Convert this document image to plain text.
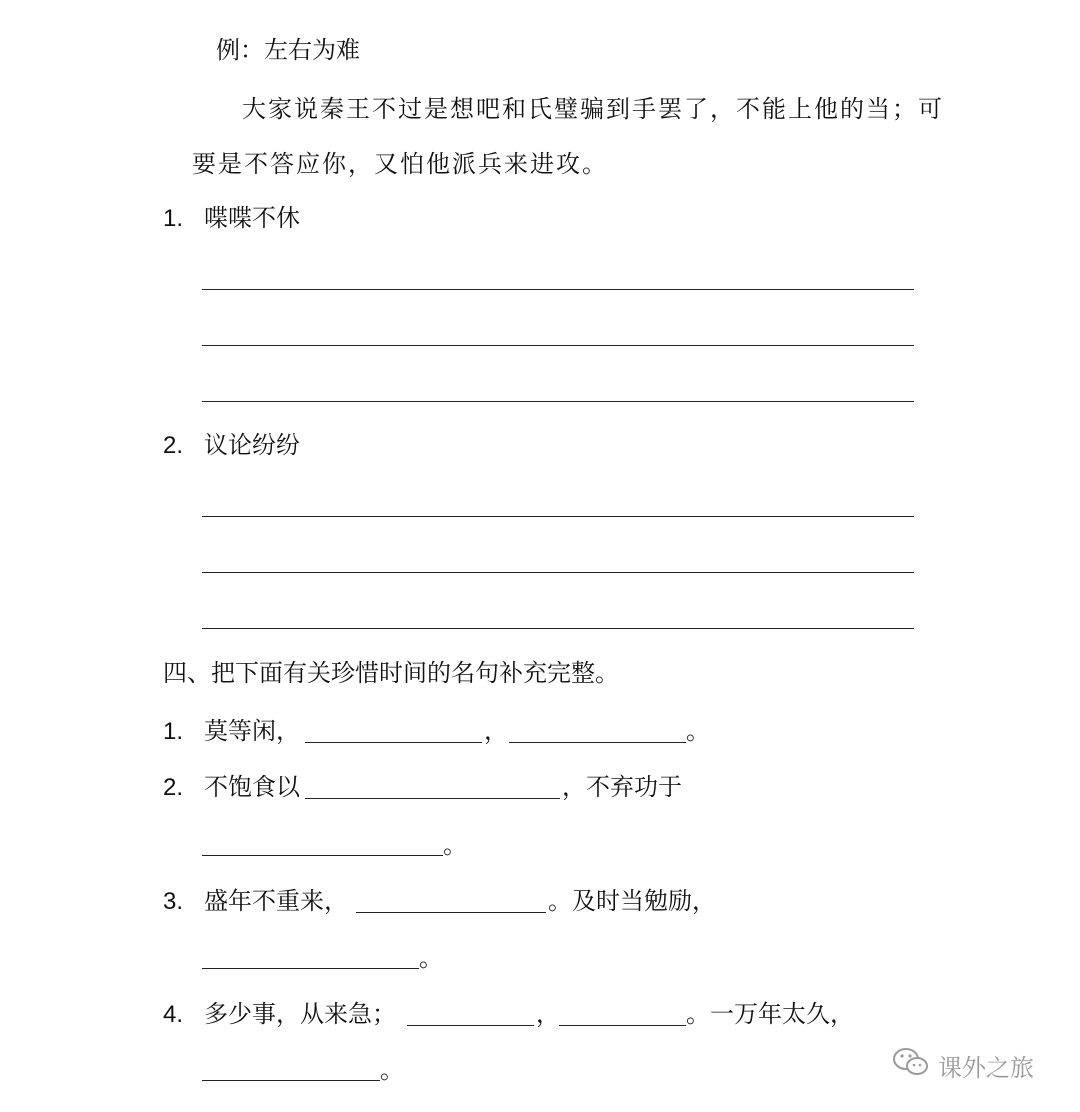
例：左右为难
大家说秦王不过是想吧和氏璧骗到手罢了，不能上他的当；可
要是不答应你，又怕他派兵来进攻。
1. 喋喋不休
2. 议论纷纷
四、把下面有关珍惜时间的名句补充完整。
1. 莫等闲，	，	。
2. 不饱食以	，不弃功于
。
3. 盛年不重来，	。及时当勉励，
。
4. 多少事，从来急；	，	。一万年太久，
。	课外之旅
